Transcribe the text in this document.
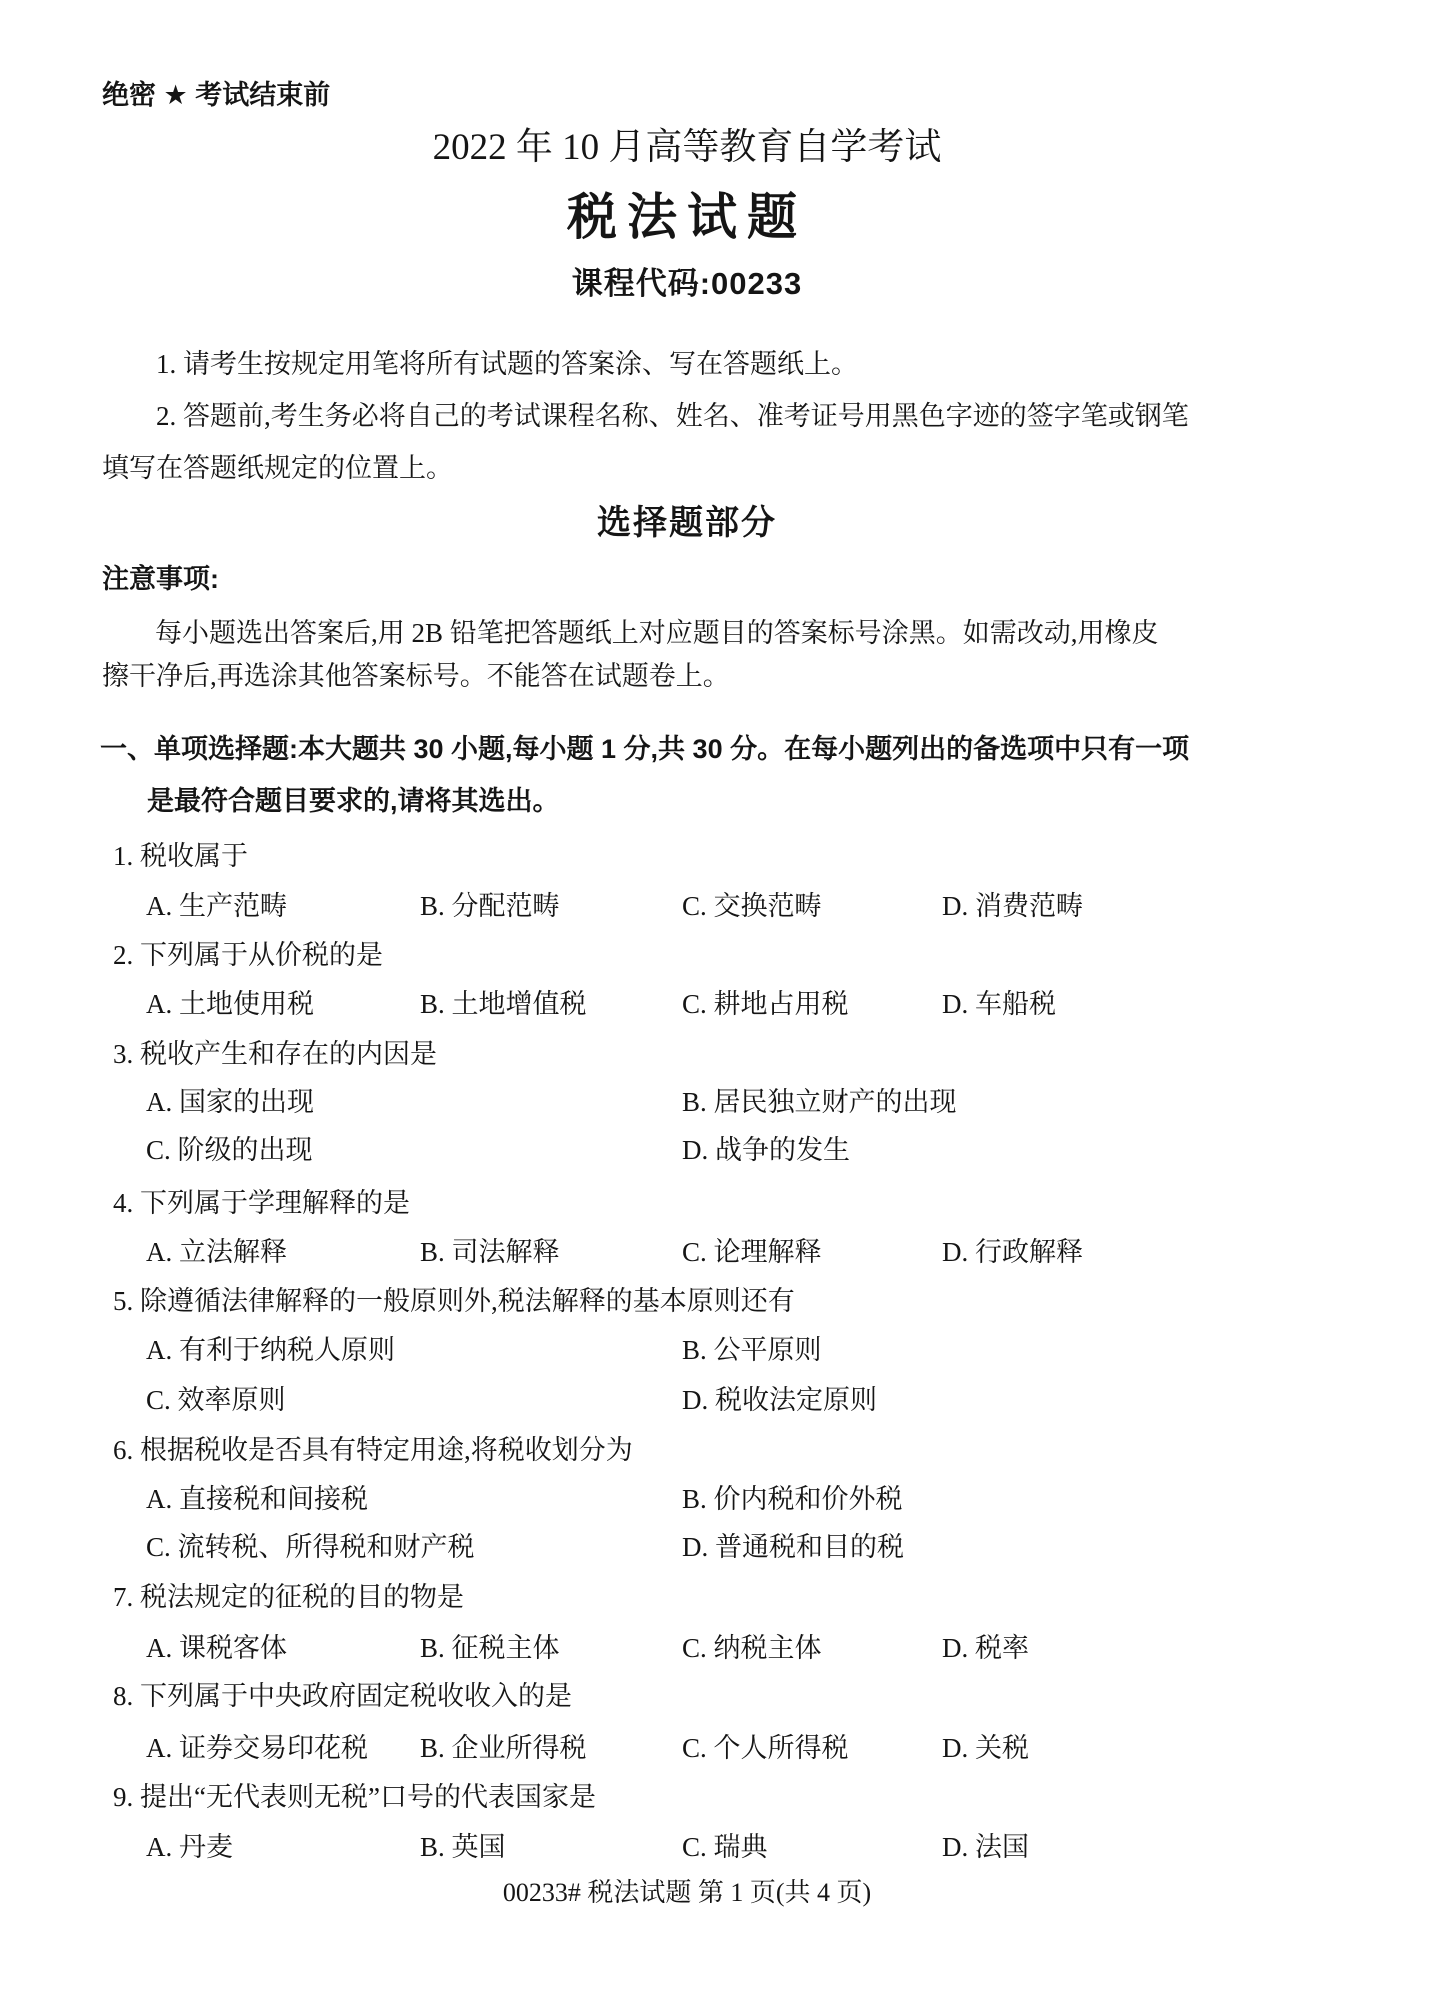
绝密 ★ 考试结束前
2022 年 10 月高等教育自学考试
税法试题
课程代码:00233
1. 请考生按规定用笔将所有试题的答案涂、写在答题纸上。
2. 答题前,考生务必将自己的考试课程名称、姓名、准考证号用黑色字迹的签字笔或钢笔
填写在答题纸规定的位置上。
选择题部分
注意事项:
每小题选出答案后,用 2B 铅笔把答题纸上对应题目的答案标号涂黑。如需改动,用橡皮
擦干净后,再选涂其他答案标号。不能答在试题卷上。
一、单项选择题:本大题共 30 小题,每小题 1 分,共 30 分。在每小题列出的备选项中只有一项
是最符合题目要求的,请将其选出。
1. 税收属于
A. 生产范畴	B. 分配范畴	C. 交换范畴	D. 消费范畴
2. 下列属于从价税的是
A. 土地使用税	B. 土地增值税	C. 耕地占用税	D. 车船税
3. 税收产生和存在的内因是
A. 国家的出现	B. 居民独立财产的出现
C. 阶级的出现	D. 战争的发生
4. 下列属于学理解释的是
A. 立法解释	B. 司法解释	C. 论理解释	D. 行政解释
5. 除遵循法律解释的一般原则外,税法解释的基本原则还有
A. 有利于纳税人原则	B. 公平原则
C. 效率原则	D. 税收法定原则
6. 根据税收是否具有特定用途,将税收划分为
A. 直接税和间接税	B. 价内税和价外税
C. 流转税、所得税和财产税	D. 普通税和目的税
7. 税法规定的征税的目的物是
A. 课税客体	B. 征税主体	C. 纳税主体	D. 税率
8. 下列属于中央政府固定税收收入的是
A. 证券交易印花税	B. 企业所得税	C. 个人所得税	D. 关税
9. 提出“无代表则无税”口号的代表国家是
A. 丹麦	B. 英国	C. 瑞典	D. 法国
00233# 税法试题 第 1 页(共 4 页)
